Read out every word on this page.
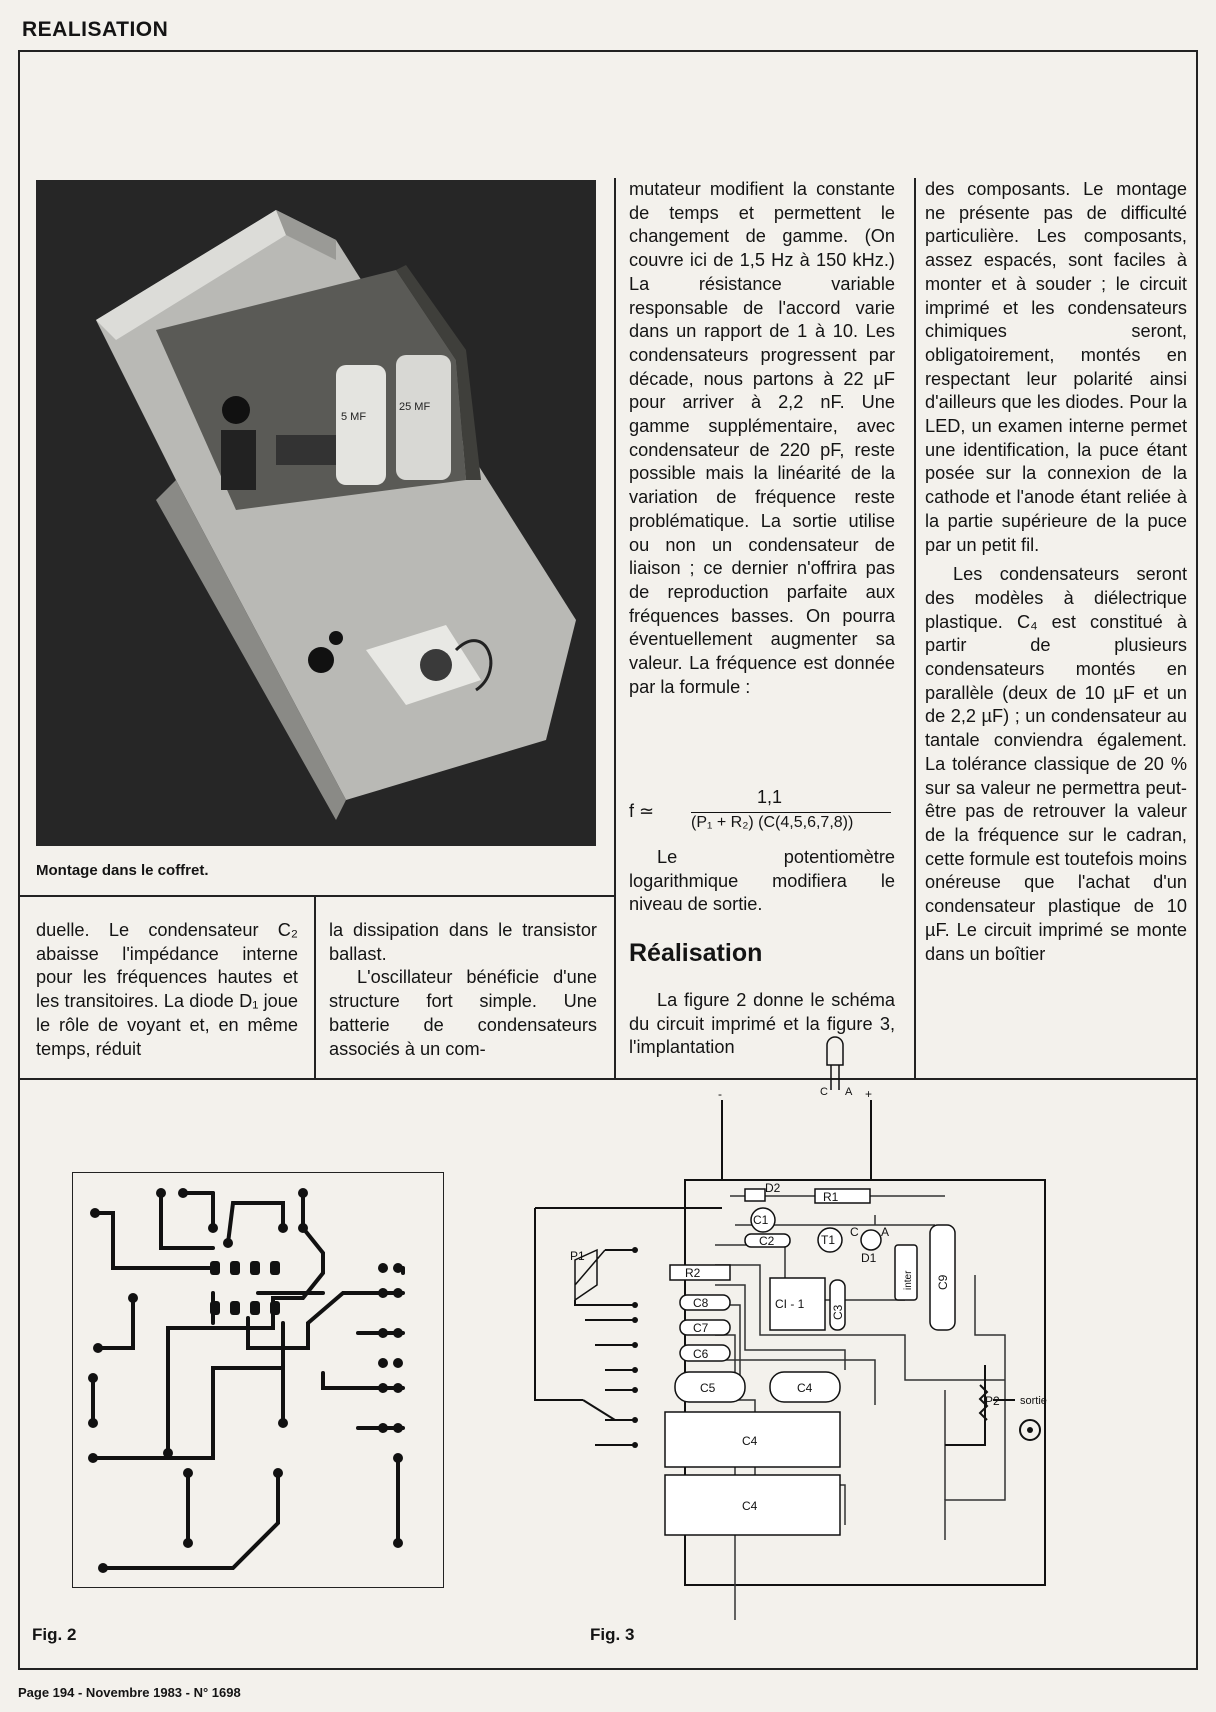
REALISATION
5 MF
25 MF
Montage dans le coffret.

duelle. Le condensateur C₂ abaisse l'impédance interne pour les fréquences hautes et les transitoires. La diode D₁ joue le rôle de voyant et, en même temps, réduit

la dissipation dans le transistor ballast.

L'oscillateur bénéficie d'une structure fort simple. Une batterie de condensateurs associés à un com-

mutateur modifient la constante de temps et permettent le changement de gamme. (On couvre ici de 1,5 Hz à 150 kHz.) La résistance variable responsable de l'accord varie dans un rapport de 1 à 10. Les condensateurs progressent par décade, nous partons à 22 µF pour arriver à 2,2 nF. Une gamme supplémentaire, avec condensateur de 220 pF, reste possible mais la linéarité de la variation de fréquence reste problématique. La sortie utilise ou non un condensateur de liaison ; ce dernier n'offrira pas de reproduction parfaite aux fréquences basses. On pourra éventuellement augmenter sa valeur. La fréquence est donnée par la formule :

f ≃
1,1
(P₁ + R₂) (C(4,5,6,7,8))

Le potentiomètre logarithmique modifiera le niveau de sortie.

Réalisation

La figure 2 donne le schéma du circuit imprimé et la figure 3, l'implantation

des composants. Le montage ne présente pas de difficulté particulière. Les composants, assez espacés, sont faciles à monter et à souder ; le circuit imprimé et les condensateurs chimiques seront, obligatoirement, montés en respectant leur polarité ainsi d'ailleurs que les diodes. Pour la LED, un examen interne permet une identification, la puce étant posée sur la connexion de la cathode et l'anode étant reliée à la partie supérieure de la puce par un petit fil.

Les condensateurs seront des modèles à diélectrique plastique. C₄ est constitué à partir de plusieurs condensateurs montés en parallèle (deux de 10 µF et un de 2,2 µF) ; un condensateur au tantale conviendra également. La tolérance classique de 20 % sur sa valeur ne permettra peut-être pas de retrouver la valeur de la fréquence sur le cadran, cette formule est toutefois moins onéreuse que l'achat d'un condensateur plastique de 10 µF. Le circuit imprimé se monte dans un boîtier

-	+
C A
D2
R1
C1
C2	T1
C A
D1
inter C9
P1
R2
CI - 1
C3
C8
C7
C6
C5	C4
C4
C4
P2 sortie
Fig. 2	Fig. 3
Page 194 - Novembre 1983 - N° 1698
